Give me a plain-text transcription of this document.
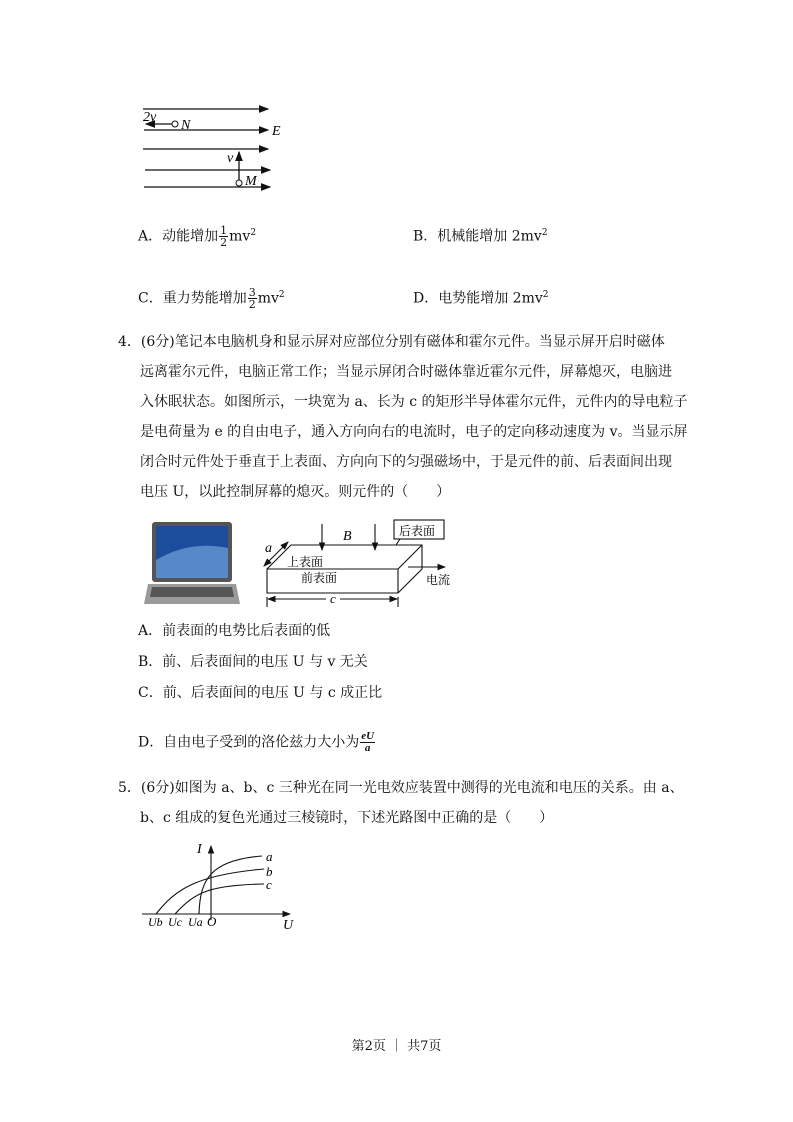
2v
N	E
v
M
A．动能增加 $\frac{1}{2} mv^2$	B．机械能增加 $2mv^2$
C．重力势能增加 $\frac{3}{2} mv^2$	D．电势能增加 $2mv^2$
4．(6分)笔记本电脑机身和显示屏对应部位分别有磁体和霍尔元件。当显示屏开启时磁体
远离霍尔元件，电脑正常工作；当显示屏闭合时磁体靠近霍尔元件，屏幕熄灭，电脑进
入休眠状态。如图所示，一块宽为 a、长为 c 的矩形半导体霍尔元件，元件内的导电粒子
是电荷量为 e 的自由电子，通入方向向右的电流时，电子的定向移动速度为 v。当显示屏
闭合时元件处于垂直于上表面、方向向下的匀强磁场中，于是元件的前、后表面间出现
电压 U，以此控制屏幕的熄灭。则元件的（　　）
a
B	后表面
上表面
前表面	电流
c
A．前表面的电势比后表面的低
B．前、后表面间的电压 U 与 v 无关
C．前、后表面间的电压 U 与 c 成正比
D．自由电子受到的洛伦兹力大小为 $\frac{eU}{a}$
5．(6分)如图为 a、b、c 三种光在同一光电效应装置中测得的光电流和电压的关系。由 a、
b、c 组成的复色光通过三棱镜时，下述光路图中正确的是（　　）
I
U
a
b
c
Ub Uc Ua O
第2页 ｜ 共7页
